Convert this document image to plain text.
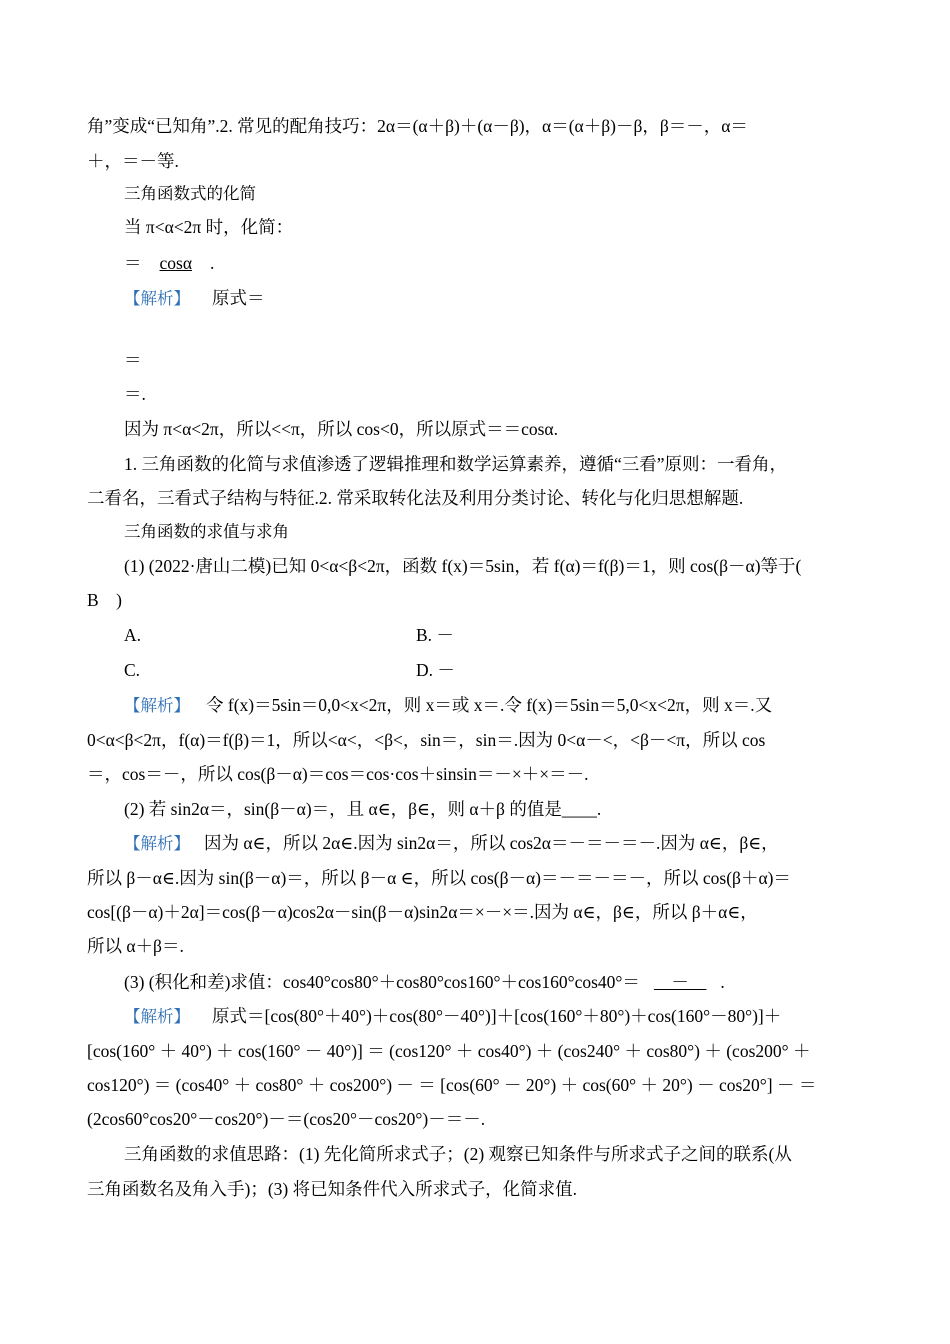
角”变成“已知角”.2. 常见的配角技巧：2α＝(α＋β)＋(α－β)，α＝(α＋β)－β，β＝－，α＝
＋，＝－等.
三角函数式的化简
当 π<α<2π 时，化简：
＝ cosα .
【解析】 原式＝
＝
＝.
因为 π<α<2π，所以<<π，所以 cos<0，所以原式＝＝cosα.
1. 三角函数的化简与求值渗透了逻辑推理和数学运算素养，遵循“三看”原则：一看角，
二看名，三看式子结构与特征.2. 常采取转化法及利用分类讨论、转化与化归思想解题.
三角函数的求值与求角
(1) (2022·唐山二模)已知 0<α<β<2π，函数 f(x)＝5sin，若 f(α)＝f(β)＝1，则 cos(β－α)等于(
B　)
A.	B. －
C.	D. －
【解析】 令 f(x)＝5sin＝0,0<x<2π，则 x＝或 x＝.令 f(x)＝5sin＝5,0<x<2π，则 x＝.又
0<α<β<2π，f(α)＝f(β)＝1，所以<α<，<β<，sin＝，sin＝.因为 0<α－<，<β－<π，所以 cos
＝，cos＝－，所以 cos(β－α)＝cos＝cos·cos＋sinsin＝－×＋×＝－.
(2) 若 sin2α＝，sin(β－α)＝，且 α∈，β∈，则 α＋β 的值是____.
【解析】 因为 α∈，所以 2α∈.因为 sin2α＝，所以 cos2α＝－＝－＝－.因为 α∈，β∈，
所以 β－α∈.因为 sin(β－α)＝，所以 β－α ∈，所以 cos(β－α)＝－＝－＝－，所以 cos(β＋α)＝
cos[(β－α)＋2α]＝cos(β－α)cos2α－sin(β－α)sin2α＝×－×＝.因为 α∈，β∈，所以 β＋α∈，
所以 α＋β＝.
(3) (积化和差)求值：cos40°cos80°＋cos80°cos160°＋cos160°cos40°＝　－　.
【解析】 原式＝[cos(80°＋40°)＋cos(80°－40°)]＋[cos(160°＋80°)＋cos(160°－80°)]＋
[cos(160° ＋ 40°) ＋ cos(160° － 40°)] ＝ (cos120° ＋ cos40°) ＋ (cos240° ＋ cos80°) ＋ (cos200° ＋
cos120°) ＝ (cos40° ＋ cos80° ＋ cos200°) － ＝ [cos(60° － 20°) ＋ cos(60° ＋ 20°) － cos20°] － ＝
(2cos60°cos20°－cos20°)－＝(cos20°－cos20°)－＝－.
三角函数的求值思路：(1) 先化简所求式子；(2) 观察已知条件与所求式子之间的联系(从
三角函数名及角入手)；(3) 将已知条件代入所求式子，化简求值.
